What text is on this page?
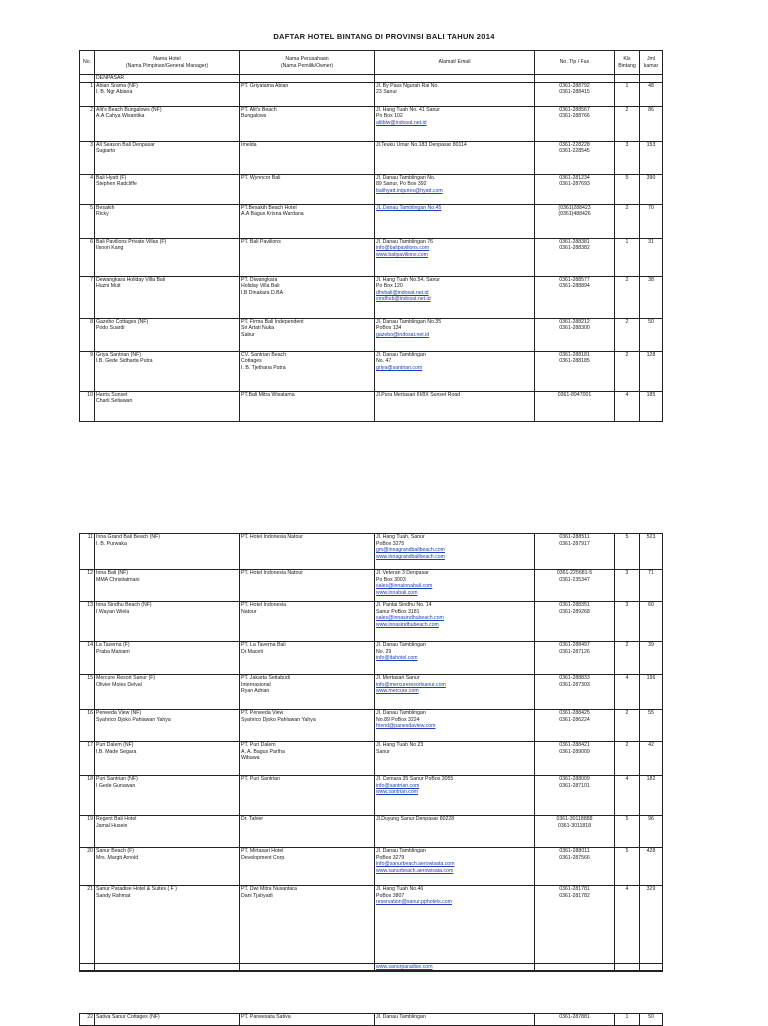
DAFTAR HOTEL BINTANG DI PROVINSI BALI TAHUN 2014
No.	Nama Hotel
(Nama Pimpinan/General Manager)	Nama Perusahaan
(Nama Pemilik/Owner)	Alamat/ Email	No. Tlp / Fax	Kls
Bintang	Jml
kamar

	DENPASAR					
1	Abian Srama (NF)
I. B. Ngr Abiana	PT. Griyatama Abian	Jl. By Pass Ngurah Rai No.
23 Sanur	0361-288792
0361-288415	1	48
2	Alit's Beach Bungalows (NF)
A.A Cahya Wisantika	PT. Alit's Beach
Bungalows	Jl. Hang Tuah No. 41 Sanur
Po Box 102
alitblw@indosat.net.id	0361-288567
0361-288766	2	86
3	All Season Bali Denpasar
Sugiarto	Imelda	Jl.Teuku Umar No.183 Denpasar 80114	0361-228228
0361-228545	3	153
4	Bali Hyatt (F)
Stephen Radcliffe	PT. Wynncor Bali	Jl. Danau Tamblingan No.
89 Sanur, Po Box 392
balihyatt.inquries@hyatt.com	0361-281234
0361-287693	5	390
5	Besakih
Ricky	PT.Besakih Beach Hotel
A.A Bagus Krisna Wardana	JL.Danau Tamblingan No.45	(0361)288423
(0361)488426	2	70
6	Bali Pavilions Private Villas (F)
Ilsoon Kang	PT. Bali Pavilions	Jl. Danau Tamblingan 76
info@balipavilions.com
www.balipavilions.com	0361-288381
0361-288382	1	31
7	Dewangkara Holiday Villa Bali
Huzni Muit	PT. Diwangkara
Holiday Villa Bali
I.B Dinakara D.BA	Jl. Hang Tuah No.54, Sanur
Po Box 120
dhvbali@indosat.net.id
smdhub@indosat.net.id	0361-288577
0361-288894	2	38
8	Gazebo Cottages (NF)
Podo Suardi	PT. Firma Bali Independent
Sri Artati Nuka
Sabur	Jl. Danau Tamblingan No.35
PoBox 134
gazebo@indosat.net.id	0361-288212
0361-288300	2	50
9	Griya Santrian (NF)
I.B. Gede Sidharta Putra	CV. Santrian Beach
Cottages
I. B. Tjethana Putra	Jl. Danau Tamblingan
No. 47
griya@santrian.com	0361-288181
0361-288185	2	128
10	Harris Sunset
Charli Setiawan	PT.Bali Mitra Wisatama	Jl.Pura Mertasari III/8X Sunset Road	0361-8947001	4	185
11	Inna Grand Bali Beach (NF)
I. B. Purwaka	PT. Hotel Indonesia Natour	Jl. Hang Tuah, Sanur
PoBox 3275
gm@innagrandbalibeach.com
www.innagrandbalibeach.com	0361-288511
0361-287917	5	523
12	Inna Bali (NF)
MMA Christiatmani	PT. Hotel Indonesia Natour	Jl. Veteran 3 Denpasar
Po Box 3003
sales@innainnabali.com
www.innabali.com	0361-225681-5
0361-235347	3	71
13	Inna Sindhu Beach (NF)
I Wayan Wiela	PT. Hotel Indonesia
Natour	Jl. Pantai Sindhu No. 14
Sanur PoBox 3181
sales@innasindhubeach.com
www.innasindhubeach.com	0361-288351
0361-289268	3	60
14	La Taverna (F)
Praba Maniam	PT. La Taverna Bali
Dr.Maceti	Jl. Danau Tamblingan
No. 29
info@ltahotel.com	0361-288497
0361-287126	2	39
15	Mercure Resort Sanur (F)
Olivier Moies Delval	PT. Jakarta Setiabudi
Internasional
Ryan Adrian	Jl. Mertasari Sanur
info@mercureresortsanur.com
www.mercure.com	0361-288833
0361-287303	4	196
16	Peneeda View (NF)
Syahrico Djoko Pahlawan Yahya	PT. Peneeda View
Syahrico Djoko Pahlawan Yahya	Jl. Danau Tamblingan
No.89 PoBox 3224
friend@panesdaview.com	0361-288425
0361-286224	2	55
17	Puri Dalem (NF)
I.B. Made Segara	PT. Puri Dalem
A. A. Bagus Partha
Wibawa	Jl. Hang Tuah No 23
Sanur	0361-288421
0361-289009	2	42
18	Puri Santrian (NF)
I Gede Gunawan	PT. Puri Santrian	Jl. Cemara 35 Sanur PoBox 3055
info@santrian.com
www.santrian.com	0361-288009
0361-287101	4	182
19	Regent Bali Hotel
Jamal Husein	Dr. Tahier	Jl.Duyung Sanur Denpasar 80228	0361-30118888
0361-3011818	5	96
20	Sanur Beach (F)
Mrs. Margit Arnold	PT. Mirtasari Hotel
Development Corp.	Jl. Danau Tamblingan
PoBox 3279
info@sanurbeach.aerowisata.com
www.sanurbeach.aerowisata.com	0361-288011
0361-287566	5	428
21	Sanur Paradise Hotel & Suites ( F )
Sandy Rahmat	PT. Dwi Mitra Nusantara
Dani Tjahyadi	Jl. Hang Tuah No.46
PoBox 3807
reservation@sanur.pphotels.com	0361-281781
0361-281782	4	329
			www.sanurparadise.com			
22	Sativa Sanur Cottages (NF)	PT. Paneesata Sativa	Jl. Danau Tamblingan	0361-287881	1	50
